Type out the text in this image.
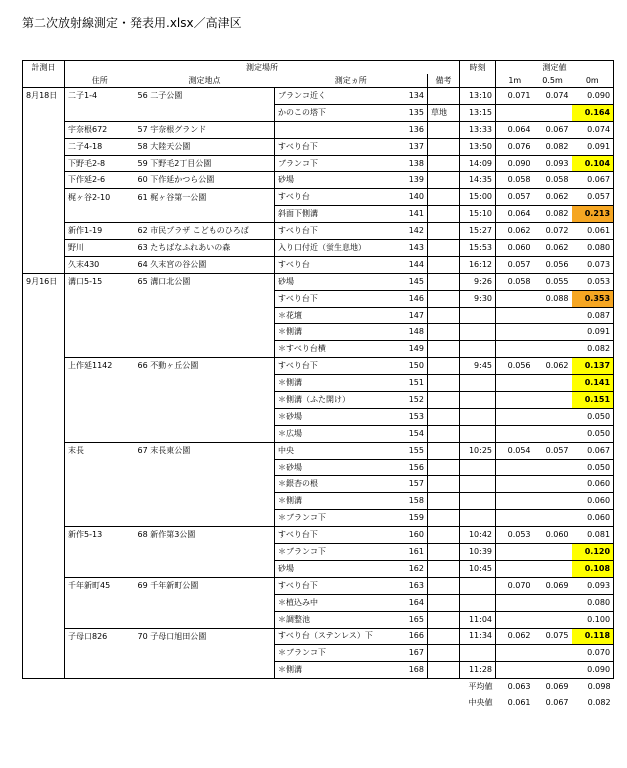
第二次放射線測定・発表用.xlsx／高津区
計測日	測定場所					時刻	測定値		
	住所	測定地点	測定ヵ所		備考		1m	0.5m	0m
8月18日	二子1-4	56 二子公園	ブランコ近く	134		13:10	0.071	0.074	0.090
			かのこの塔下	135	草地	13:15			0.164
	宇奈根672	57 宇奈根グランド		136		13:33	0.064	0.067	0.074
	二子4-18	58 大陸天公園	すべり台下	137		13:50	0.076	0.082	0.091
	下野毛2-8	59 下野毛2丁目公園	ブランコ下	138		14:09	0.090	0.093	0.104
	下作延2-6	60 下作延かつら公園	砂場	139		14:35	0.058	0.058	0.067
	梶ヶ谷2-10	61 梶ヶ谷第一公園	すべり台	140		15:00	0.057	0.062	0.057
			斜面下側溝	141		15:10	0.064	0.082	0.213
	新作1-19	62 市民プラザ こどものひろば	すべり台下	142		15:27	0.062	0.072	0.061
	野川	63 たちばなふれあいの森	入り口付近（蛍生息地）	143		15:53	0.060	0.062	0.080
	久末430	64 久末宮の谷公園	すべり台	144		16:12	0.057	0.056	0.073
9月16日	溝口5-15	65 溝口北公園	砂場	145		9:26	0.058	0.055	0.053
			すべり台下	146		9:30		0.088	0.353
			＊花壇	147					0.087
			＊側溝	148					0.091
			＊すべり台横	149					0.082
	上作延1142	66 不動ヶ丘公園	すべり台下	150		9:45	0.056	0.062	0.137
			＊側溝	151					0.141
			＊側溝（ふた開け）	152					0.151
			＊砂場	153					0.050
			＊広場	154					0.050
	末長	67 末長東公園	中央	155		10:25	0.054	0.057	0.067
			＊砂場	156					0.050
			＊銀杏の根	157					0.060
			＊側溝	158					0.060
			＊ブランコ下	159					0.060
	新作5-13	68 新作第3公園	すべり台下	160		10:42	0.053	0.060	0.081
			＊ブランコ下	161		10:39			0.120
			砂場	162		10:45			0.108
	千年新町45	69 千年新町公園	すべり台下	163			0.070	0.069	0.093
			＊植込み中	164					0.080
			＊調整池	165		11:04			0.100
	子母口826	70 子母口旭田公園	すべり台（ステンレス）下	166		11:34	0.062	0.075	0.118
			＊ブランコ下	167					0.070
			＊側溝	168		11:28			0.090
						平均値	0.063	0.069	0.098
						中央値	0.061	0.067	0.082
